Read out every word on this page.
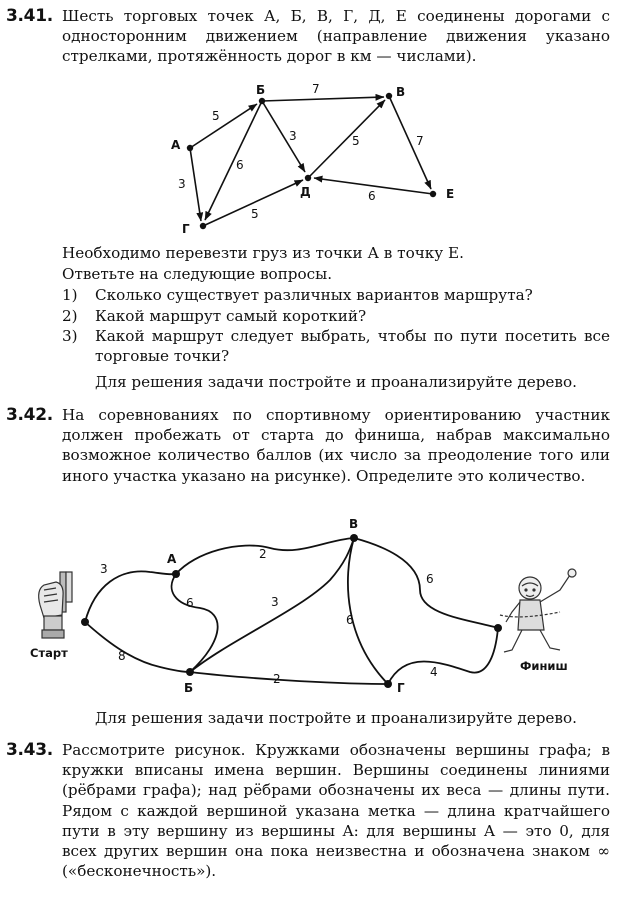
3.41. Шесть торговых точек А, Б, В, Г, Д, Е соединены дорогами с односторонним движением (направление движения указано стрелками, протяжённость дорог в км — числами).
А
Б	В
Г
Д	Е
5
3
7
3
6
5
5	7
6
Необходимо перевезти груз из точки А в точку Е.
Ответьте на следующие вопросы.
1) Сколько существует различных вариантов маршрута?
2) Какой маршрут самый короткий?
3) Какой маршрут следует выбрать, чтобы по пути посетить все торговые точки?
Для решения задачи постройте и проанализируйте дерево.
3.42. На соревнованиях по спортивному ориентированию участник должен пробежать от старта до финиша, набрав максимально возможное количество баллов (их число за преодоление того или иного участка указано на рисунке). Определите это количество.
Старт
Финиш
А
В
Б	Г
3
8
2
6	3
6
6
2	4
Для решения задачи постройте и проанализируйте дерево.
3.43. Рассмотрите рисунок. Кружками обозначены вершины графа; в кружки вписаны имена вершин. Вершины соединены линиями (рёбрами графа); над рёбрами обозначены их веса — длины пути. Рядом с каждой вершиной указана метка — длина кратчайшего пути в эту вершину из вершины A: для вершины A — это 0, для всех других вершин она пока неизвестна и обозначена знаком ∞ («бесконечность»).
